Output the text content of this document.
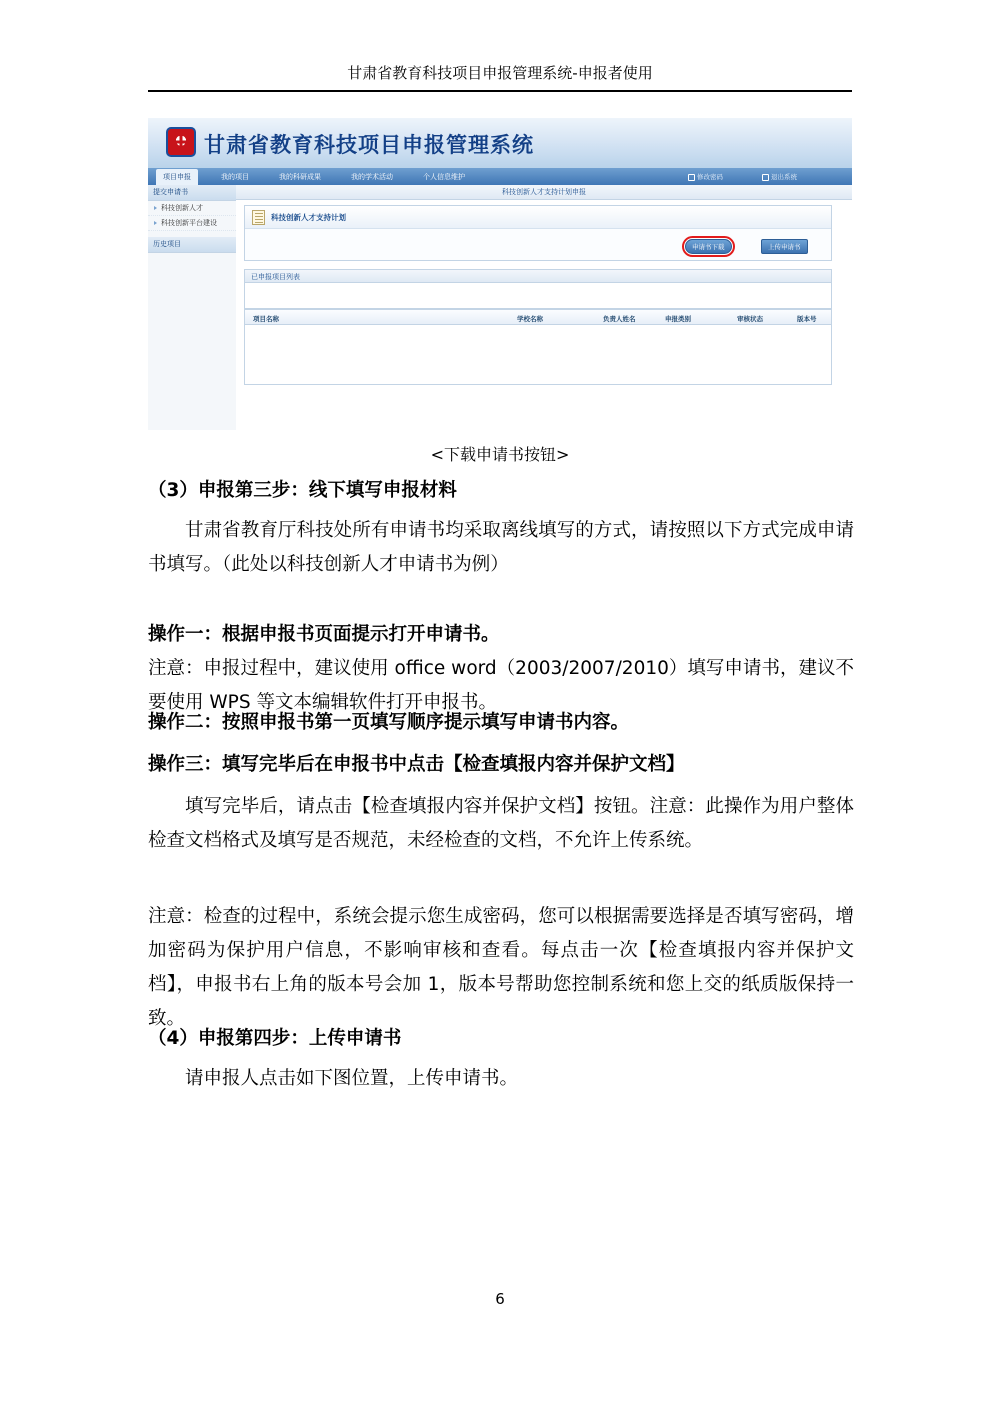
甘肃省教育科技项目申报管理系统-申报者使用
甘肃省教育科技项目申报管理系统
项目申报	我的项目	我的科研成果	我的学术活动	个人信息维护	修改密码	退出系统
提交申请书
科技创新人才
科技创新平台建设
历史项目
科技创新人才支持计划申报
科技创新人才支持计划
申请书下载	上传申请书
已申报项目列表
项目名称	学校名称	负责人姓名	申报类别	审核状态	版本号
<下载申请书按钮>
（3）申报第三步：线下填写申报材料
甘肃省教育厅科技处所有申请书均采取离线填写的方式，请按照以下方式完成申请书填写。（此处以科技创新人才申请书为例）
操作一：根据申报书页面提示打开申请书。
注意：申报过程中，建议使用 office word（2003/2007/2010）填写申请书，建议不要使用 WPS 等文本编辑软件打开申报书。
操作二：按照申报书第一页填写顺序提示填写申请书内容。
操作三：填写完毕后在申报书中点击【检查填报内容并保护文档】
填写完毕后，请点击【检查填报内容并保护文档】按钮。注意：此操作为用户整体检查文档格式及填写是否规范，未经检查的文档，不允许上传系统。
注意：检查的过程中，系统会提示您生成密码，您可以根据需要选择是否填写密码，增加密码为保护用户信息，不影响审核和查看。每点击一次【检查填报内容并保护文档】，申报书右上角的版本号会加 1，版本号帮助您控制系统和您上交的纸质版保持一致。
（4）申报第四步：上传申请书
请申报人点击如下图位置，上传申请书。
6
